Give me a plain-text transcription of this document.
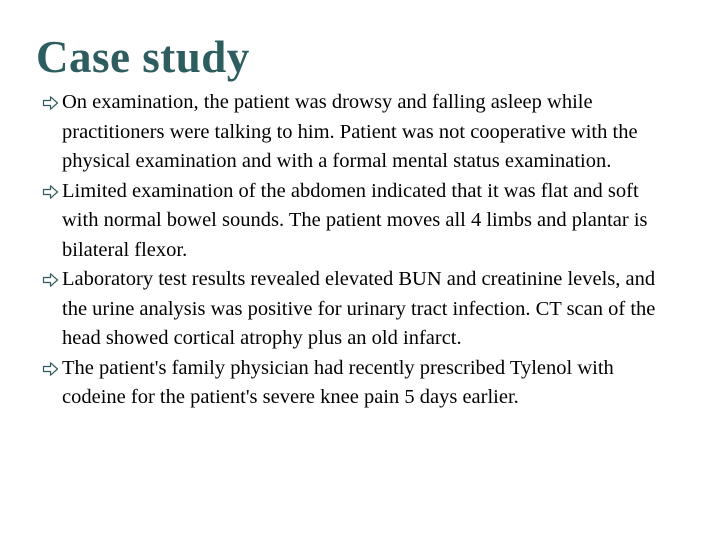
Case study
On examination, the patient was drowsy and falling asleep while practitioners were talking to him. Patient was not cooperative with the physical examination and with a formal mental status examination.
Limited examination of the abdomen indicated that it was flat and soft with normal bowel sounds. The patient moves all 4 limbs and plantar is bilateral flexor.
Laboratory test results revealed elevated BUN and creatinine levels, and the urine analysis was positive for urinary tract infection. CT scan of the head showed cortical atrophy plus an old infarct.
The patient's family physician had recently prescribed Tylenol with codeine for the patient's severe knee pain 5 days earlier.
